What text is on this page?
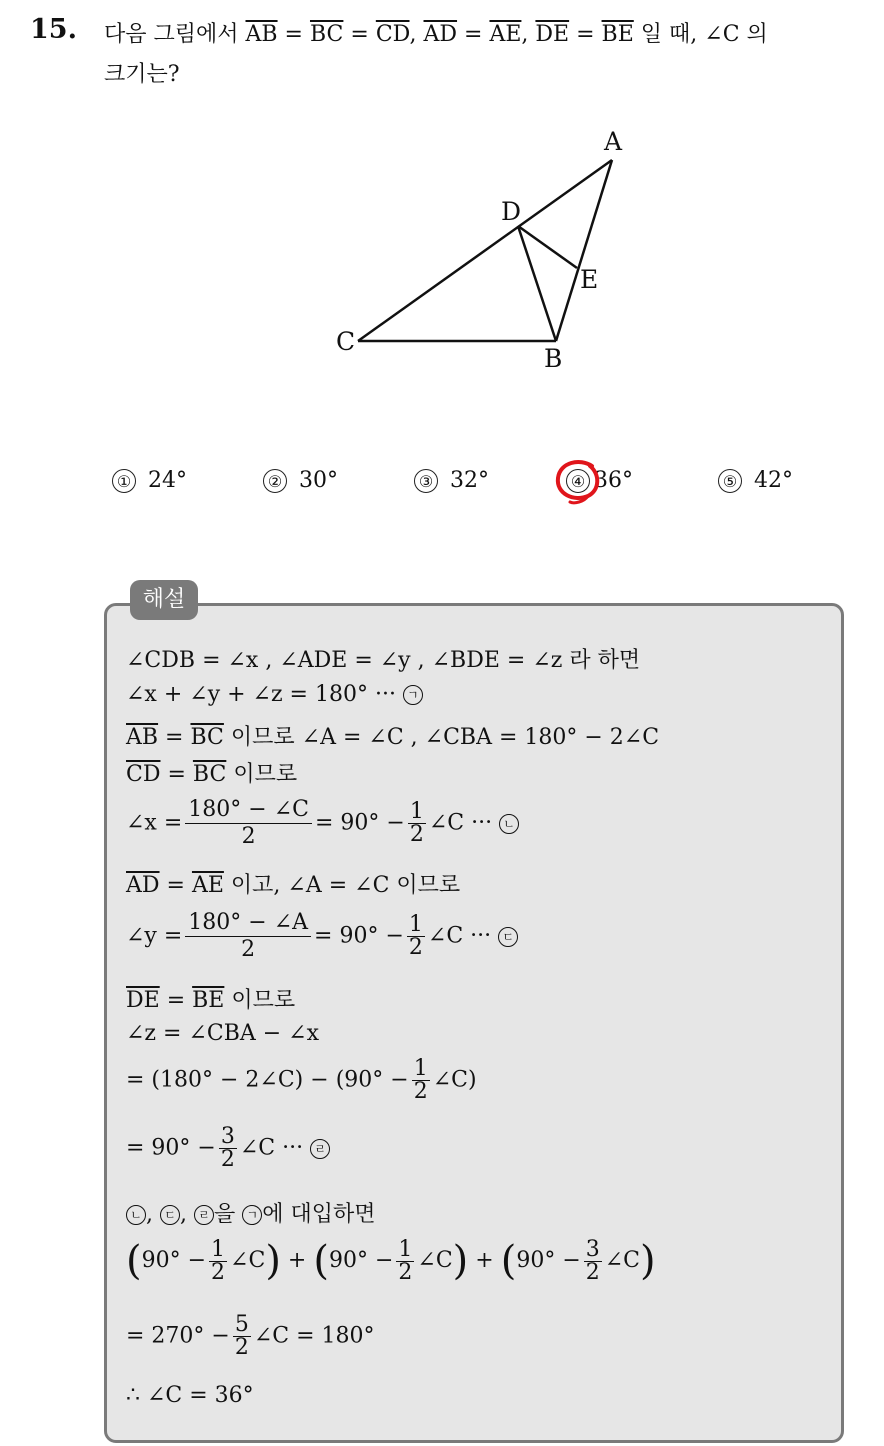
15. 다음 그림에서 $\overline{AB} = \overline{BC} = \overline{CD}$, $\overline{AD} = \overline{AE}$, $\overline{DE} = \overline{BE}$ 일 때, ∠C 의
크기는?
A
B
C
D
E
① 24°	② 30°	③ 32°	④ 36°	⑤ 42°
해설
∠CDB = ∠x , ∠ADE = ∠y , ∠BDE = ∠z 라 하면
∠x + ∠y + ∠z = 180° ··· ㄱ
$\overline{AB} = \overline{BC}$ 이므로 ∠A = ∠C , ∠CBA = 180° − 2∠C
$\overline{CD} = \overline{BC}$ 이므로
∠x = $\frac{180^\circ - \angle C}{2} = 90^\circ - \frac{1}{2}$ ∠C ··· ㄴ
$\overline{AD} = \overline{AE}$ 이고, ∠A = ∠C 이므로
∠y = $\frac{180^\circ - \angle A}{2} = 90^\circ - \frac{1}{2}$ ∠C ··· ㄷ
$\overline{DE} = \overline{BE}$ 이므로
∠z = ∠CBA − ∠x
= (180° − 2∠C) − ($90^\circ - \frac{1}{2}$ ∠C)
= $90^\circ - \frac{3}{2}$ ∠C ··· ㄹ
ㄴ , ㄷ , ㄹ 을 ㄱ 에 대입하면
($90^\circ - \frac{1}{2}$ ∠C) + ($90^\circ - \frac{1}{2}$ ∠C) + ($90^\circ - \frac{3}{2}$ ∠C)
= $270^\circ - \frac{5}{2}$ ∠C = 180°
∴ ∠C = 36°
